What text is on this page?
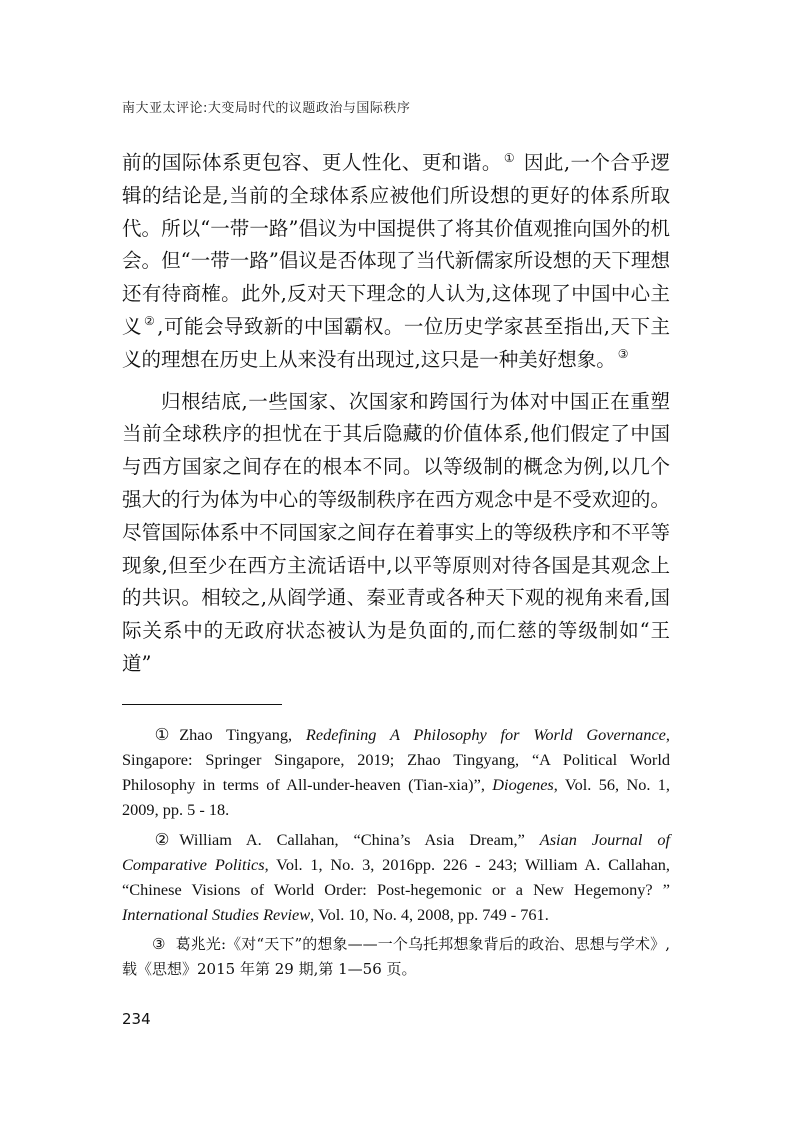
南大亚太评论:大变局时代的议题政治与国际秩序

前的国际体系更包容、更人性化、更和谐。 ① 因此,一个合乎逻辑的结论是,当前的全球体系应被他们所设想的更好的体系所取代。所以“一带一路”倡议为中国提供了将其价值观推向国外的机会。但“一带一路”倡议是否体现了当代新儒家所设想的天下理想还有待商榷。此外,反对天下理念的人认为,这体现了中国中心主义 ② ,可能会导致新的中国霸权。一位历史学家甚至指出,天下主义的理想在历史上从来没有出现过,这只是一种美好想象。 ③

归根结底,一些国家、次国家和跨国行为体对中国正在重塑当前全球秩序的担忧在于其后隐藏的价值体系,他们假定了中国与西方国家之间存在的根本不同。以等级制的概念为例,以几个强大的行为体为中心的等级制秩序在西方观念中是不受欢迎的。尽管国际体系中不同国家之间存在着事实上的等级秩序和不平等现象,但至少在西方主流话语中,以平等原则对待各国是其观念上的共识。相较之,从阎学通、秦亚青或各种天下观的视角来看,国际关系中的无政府状态被认为是负面的,而仁慈的等级制如“王道”

① Zhao Tingyang, Redefining A Philosophy for World Governance, Singapore: Springer Singapore, 2019; Zhao Tingyang, “A Political World Philosophy in terms of All-under-heaven (Tian-xia)”, Diogenes, Vol. 56, No. 1, 2009, pp. 5 - 18.

② William A. Callahan, “China’s Asia Dream,” Asian Journal of Comparative Politics, Vol. 1, No. 3, 2016pp. 226 - 243; William A. Callahan, “Chinese Visions of World Order: Post-hegemonic or a New Hegemony? ” International Studies Review, Vol. 10, No. 4, 2008, pp. 749 - 761.

③ 葛兆光:《对“天下”的想象——一个乌托邦想象背后的政治、思想与学术》,载《思想》2015 年第 29 期,第 1—56 页。

234
